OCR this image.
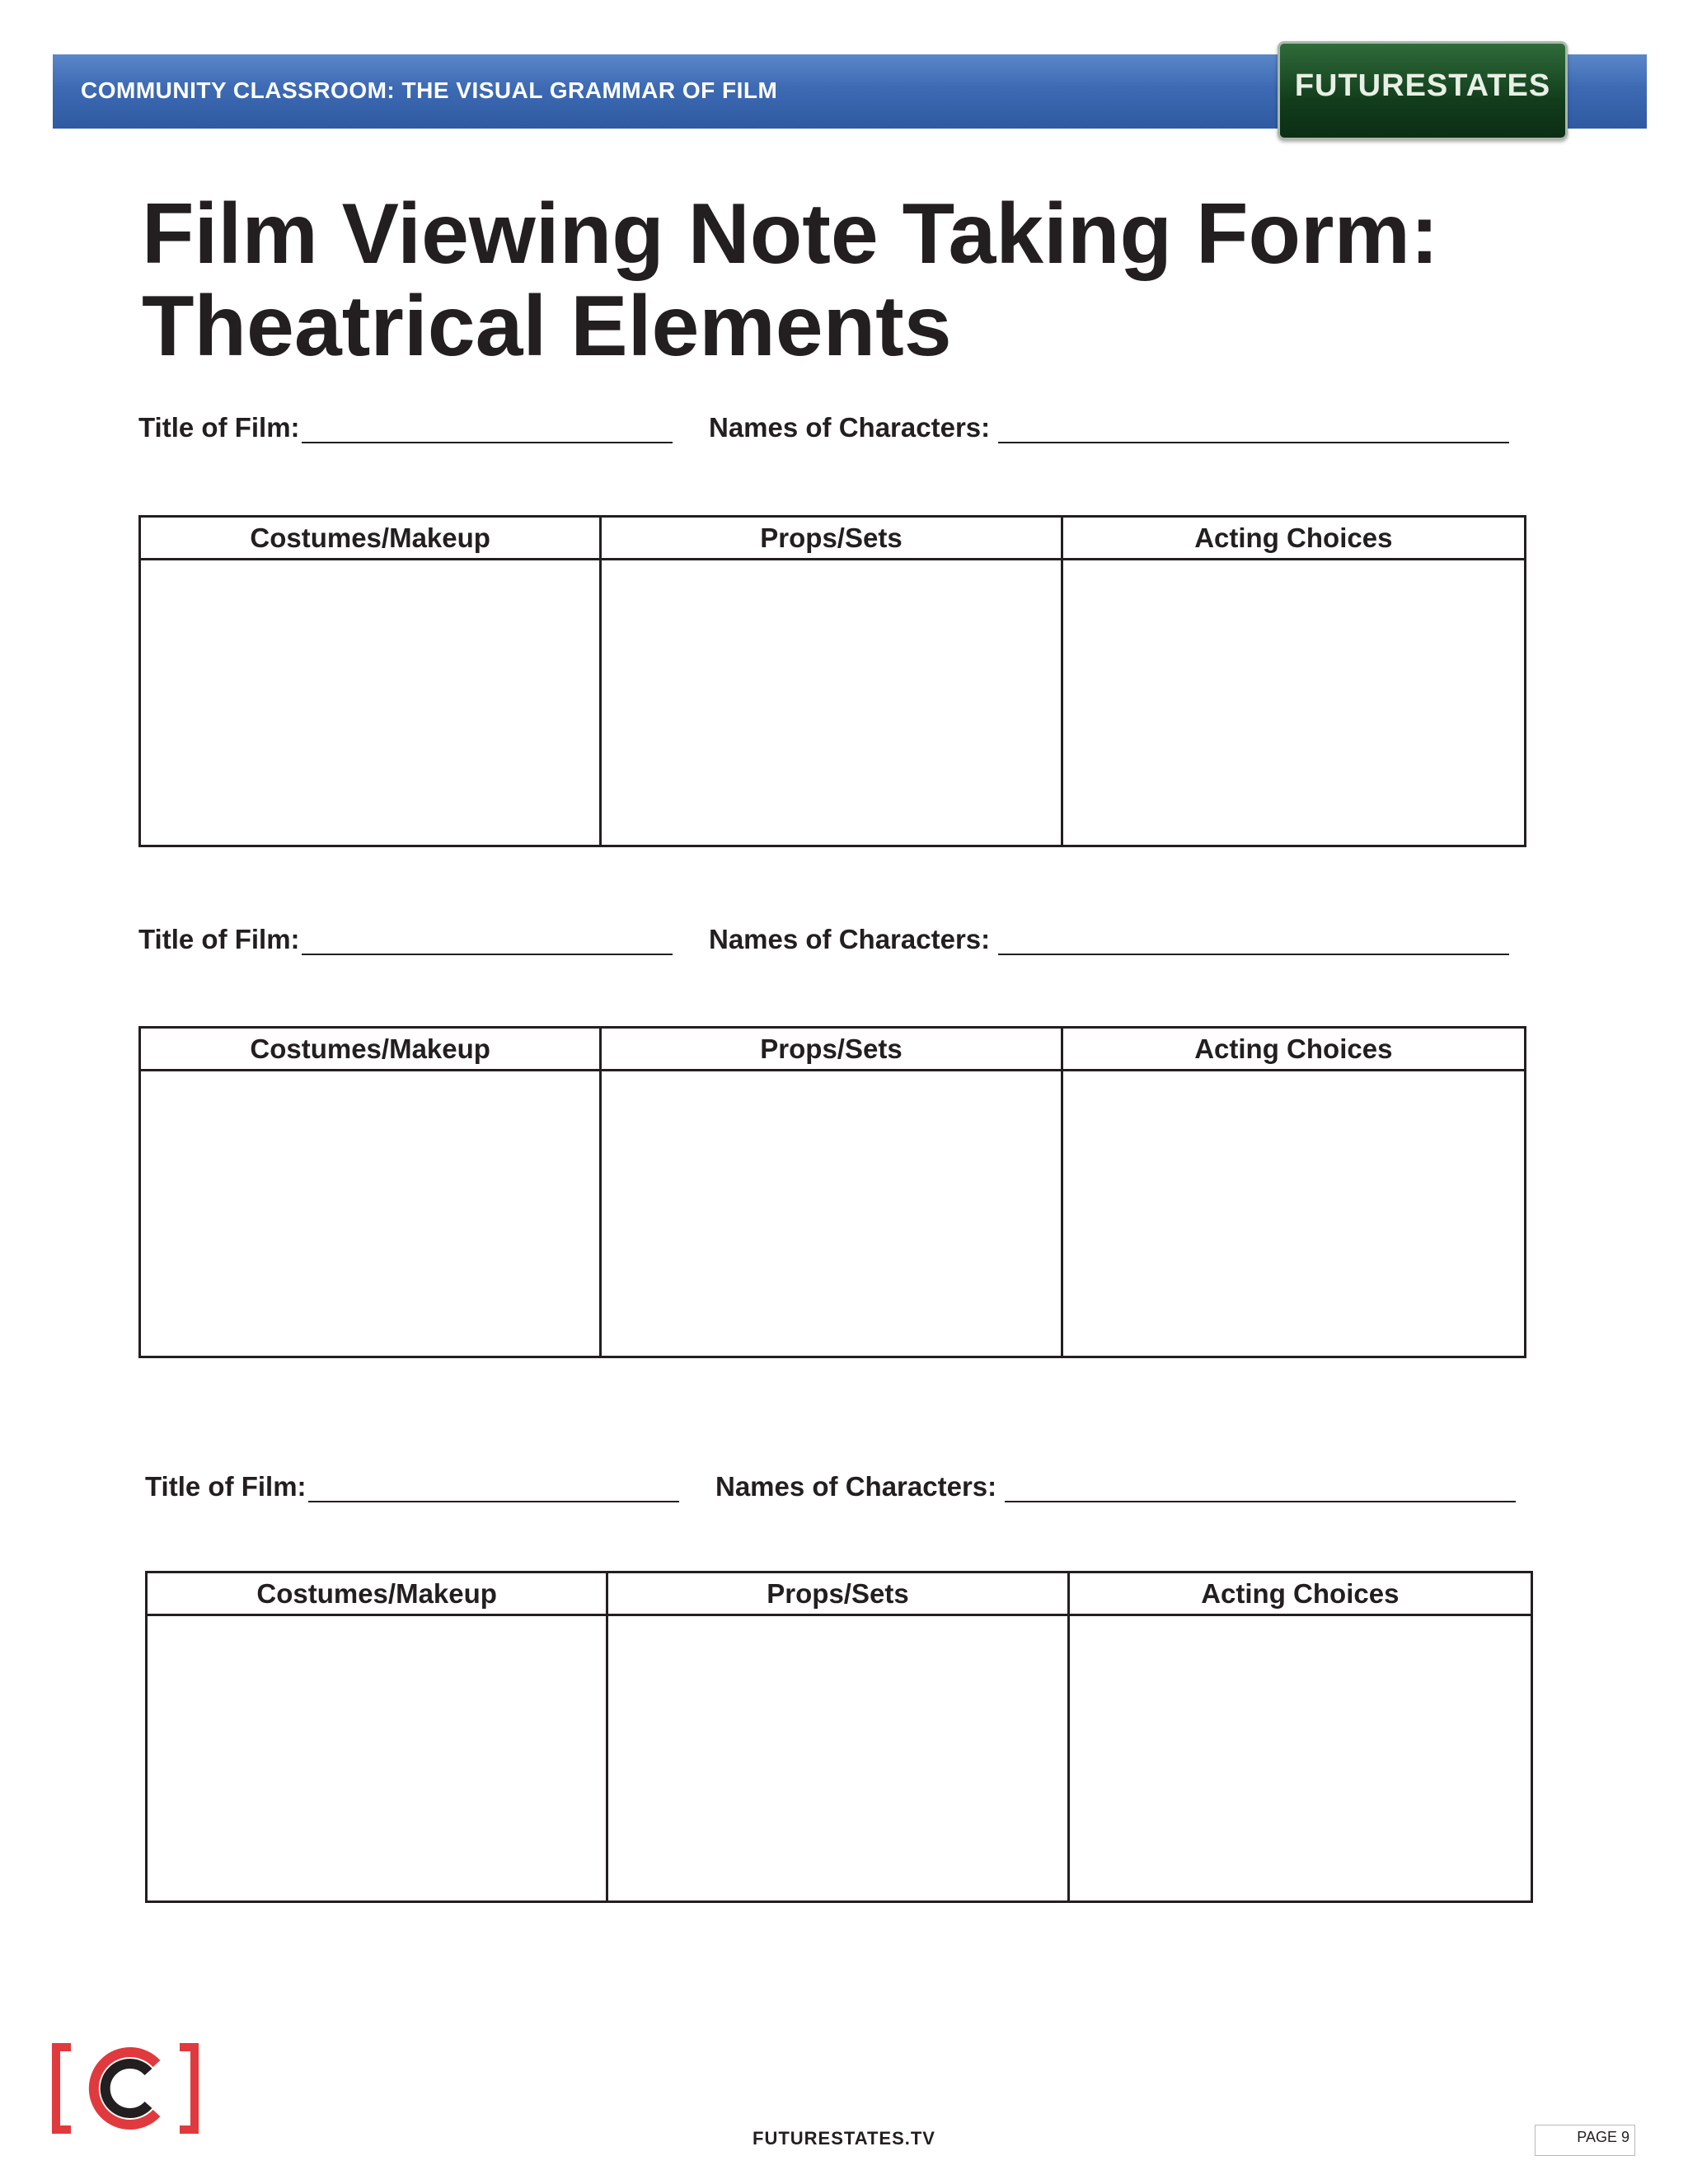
COMMUNITY CLASSROOM: THE VISUAL GRAMMAR OF FILM	FUTURESTATES
Film Viewing Note Taking Form:
Theatrical Elements
Title of Film:	Names of Characters:
Costumes/Makeup	Props/Sets	Acting Choices
Title of Film:	Names of Characters:
Costumes/Makeup	Props/Sets	Acting Choices
Title of Film:	Names of Characters:
Costumes/Makeup	Props/Sets	Acting Choices
FUTURESTATES.TV	PAGE 9
